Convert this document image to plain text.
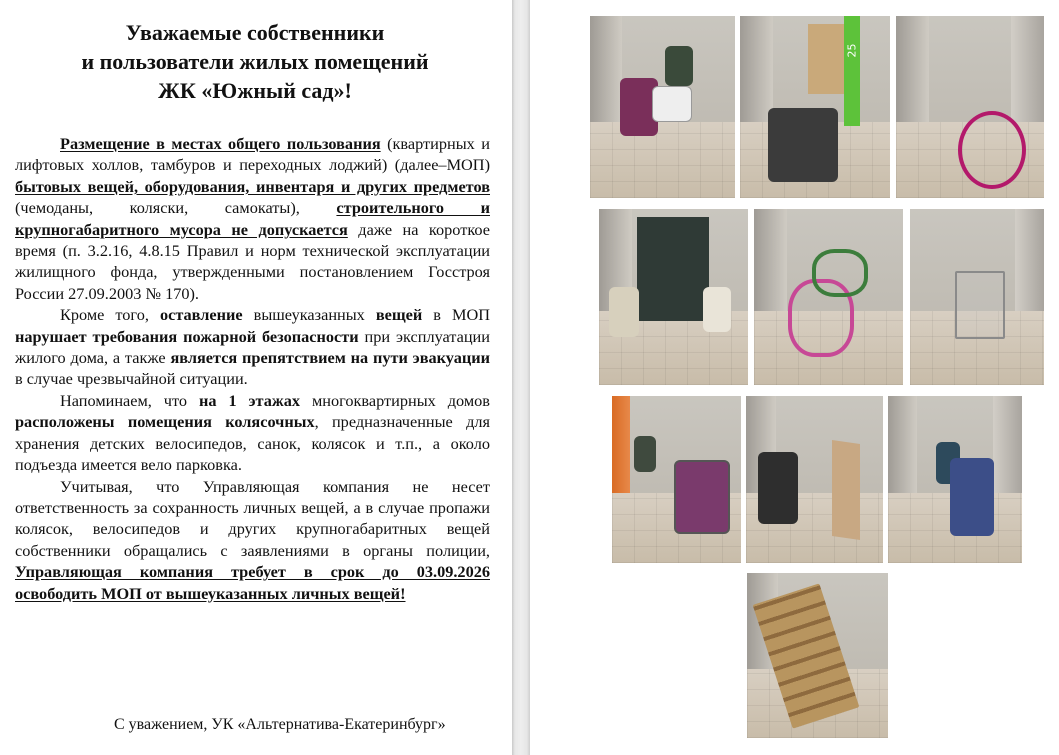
Уважаемые собственники
и пользователи жилых помещений
ЖК «Южный сад»!

Размещение в местах общего пользования (квартирных и лифтовых холлов, тамбуров и переходных лоджий) (далее–МОП) бытовых вещей, оборудования, инвентаря и других предметов (чемоданы, коляски, самокаты), строительного и крупногабаритного мусора не допускается даже на короткое время (п. 3.2.16, 4.8.15 Правил и норм технической эксплуатации жилищного фонда, утвержденными постановлением Госстроя России 27.09.2003 № 170).

Кроме того, оставление вышеуказанных вещей в МОП нарушает требования пожарной безопасности при эксплуатации жилого дома, а также является препятствием на пути эвакуации в случае чрезвычайной ситуации.

Напоминаем, что на 1 этажах многоквартирных домов расположены помещения колясочных, предназначенные для хранения детских велосипедов, санок, колясок и т.п., а около подъезда имеется вело парковка.

Учитывая, что Управляющая компания не несет ответственность за сохранность личных вещей, а в случае пропажи колясок, велосипедов и других крупногабаритных вещей собственники обращались с заявлениями в органы полиции, Управляющая компания требует в срок до 03.09.2026 освободить МОП от вышеуказанных личных вещей!

С уважением, УК «Альтернатива-Екатеринбург»
25
